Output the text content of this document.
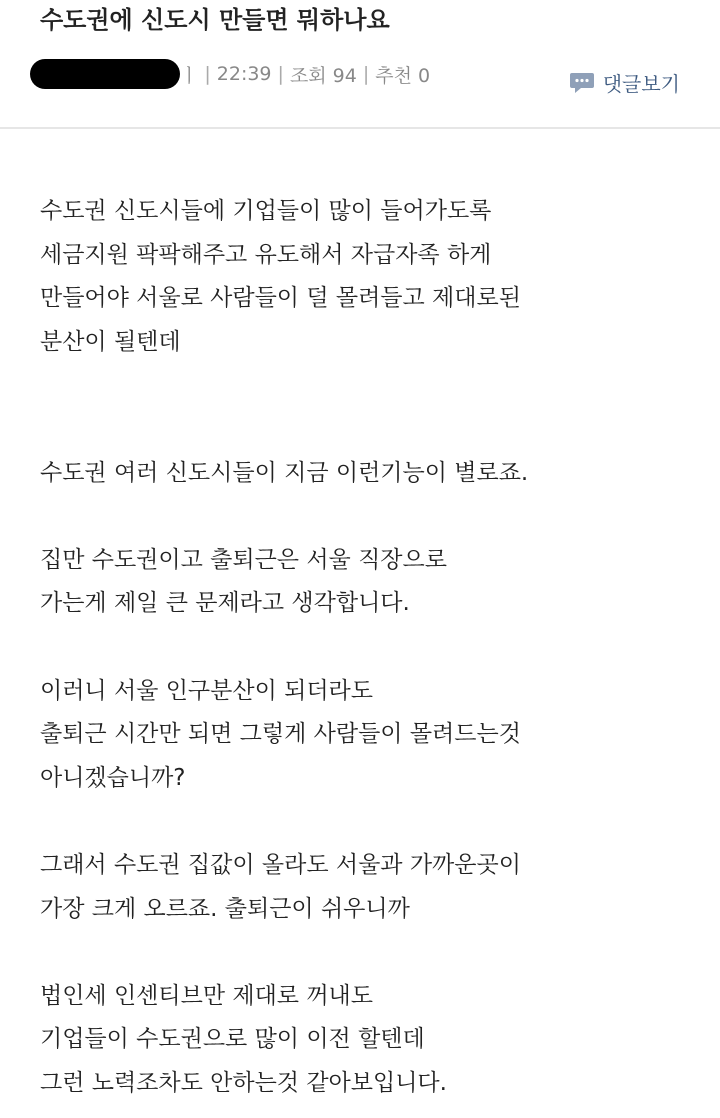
수도권에 신도시 만들면 뭐하나요
ㅣ | 22:39 | 조회 94 | 추천 0	댓글보기
수도권 신도시들에 기업들이 많이 들어가도록
세금지원 팍팍해주고 유도해서 자급자족 하게
만들어야 서울로 사람들이 덜 몰려들고 제대로된
분산이 될텐데
수도권 여러 신도시들이 지금 이런기능이 별로죠.
집만 수도권이고 출퇴근은 서울 직장으로
가는게 제일 큰 문제라고 생각합니다.
이러니 서울 인구분산이 되더라도
출퇴근 시간만 되면 그렇게 사람들이 몰려드는것
아니겠습니까?
그래서 수도권 집값이 올라도 서울과 가까운곳이
가장 크게 오르죠. 출퇴근이 쉬우니까
법인세 인센티브만 제대로 꺼내도
기업들이 수도권으로 많이 이전 할텐데
그런 노력조차도 안하는것 같아보입니다.
